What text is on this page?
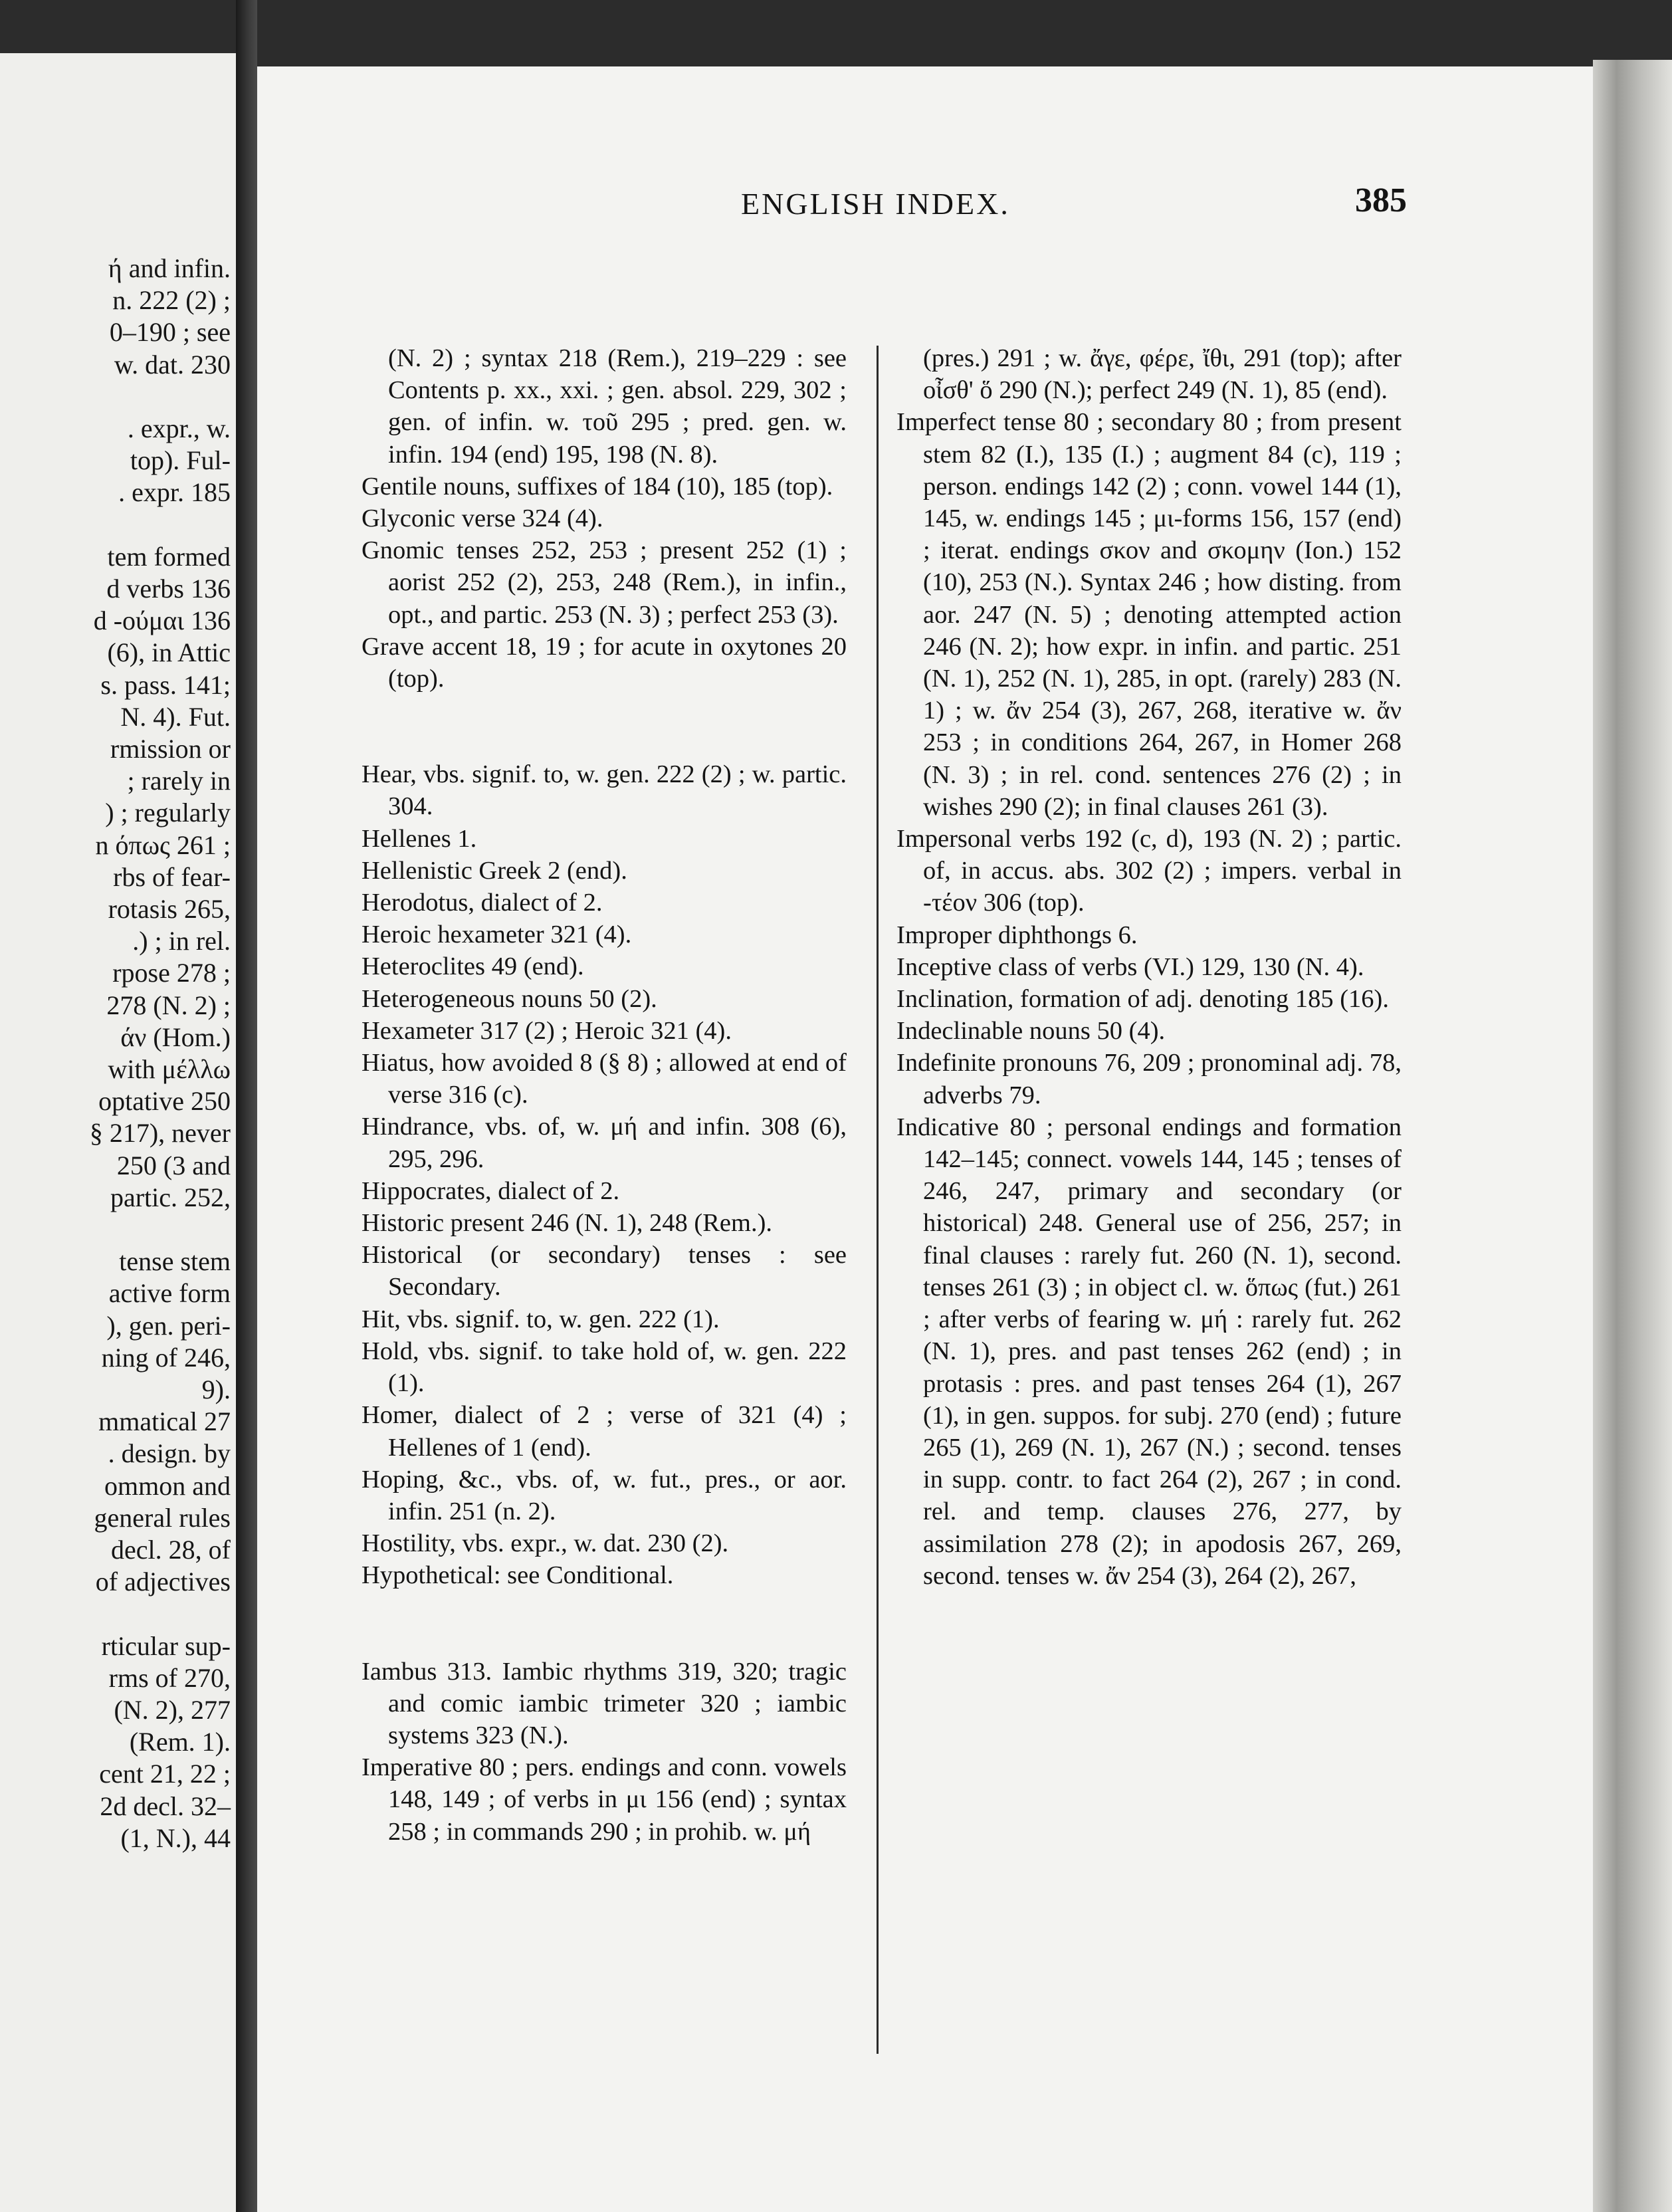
ή and infin.

n. 222 (2) ;

0–190 ; see

w. dat. 230

. expr., w.

top). Ful-

. expr. 185

tem formed

d verbs 136

d -ούμαι 136

(6), in Attic

s. pass. 141;

N. 4). Fut.

rmission or

; rarely in

) ; regularly

n όπως 261 ;

rbs of fear-

rotasis 265,

.) ; in rel.

rpose 278 ;

278 (N. 2) ;

άν (Hom.)

with μέλλω

optative 250

§ 217), never

250 (3 and

partic. 252,

tense stem

active form

), gen. peri-

ning of 246,

9).

mmatical 27

. design. by

ommon and

general rules

decl. 28, of

of adjectives

rticular sup-

rms of 270,

(N. 2), 277

(Rem. 1).

cent 21, 22 ;

2d decl. 32–

(1, N.), 44

ENGLISH INDEX.	385

(N. 2) ; syntax 218 (Rem.), 219–229 : see Contents p. xx., xxi. ; gen. absol. 229, 302 ; gen. of infin. w. τοῦ 295 ; pred. gen. w. infin. 194 (end) 195, 198 (N. 8).

Gentile nouns, suffixes of 184 (10), 185 (top).

Glyconic verse 324 (4).

Gnomic tenses 252, 253 ; present 252 (1) ; aorist 252 (2), 253, 248 (Rem.), in infin., opt., and partic. 253 (N. 3) ; perfect 253 (3).

Grave accent 18, 19 ; for acute in oxytones 20 (top).

Hear, vbs. signif. to, w. gen. 222 (2) ; w. partic. 304.

Hellenes 1.

Hellenistic Greek 2 (end).

Herodotus, dialect of 2.

Heroic hexameter 321 (4).

Heteroclites 49 (end).

Heterogeneous nouns 50 (2).

Hexameter 317 (2) ; Heroic 321 (4).

Hiatus, how avoided 8 (§ 8) ; allowed at end of verse 316 (c).

Hindrance, vbs. of, w. μή and infin. 308 (6), 295, 296.

Hippocrates, dialect of 2.

Historic present 246 (N. 1), 248 (Rem.).

Historical (or secondary) tenses : see Secondary.

Hit, vbs. signif. to, w. gen. 222 (1).

Hold, vbs. signif. to take hold of, w. gen. 222 (1).

Homer, dialect of 2 ; verse of 321 (4) ; Hellenes of 1 (end).

Hoping, &c., vbs. of, w. fut., pres., or aor. infin. 251 (n. 2).

Hostility, vbs. expr., w. dat. 230 (2).

Hypothetical: see Conditional.

Iambus 313. Iambic rhythms 319, 320; tragic and comic iambic trimeter 320 ; iambic systems 323 (N.).

Imperative 80 ; pers. endings and conn. vowels 148, 149 ; of verbs in μι 156 (end) ; syntax 258 ; in commands 290 ; in prohib. w. μή

(pres.) 291 ; w. ἄγε, φέρε, ἴθι, 291 (top); after οἶσθ' ὅ 290 (N.); perfect 249 (N. 1), 85 (end).

Imperfect tense 80 ; secondary 80 ; from present stem 82 (I.), 135 (I.) ; augment 84 (c), 119 ; person. endings 142 (2) ; conn. vowel 144 (1), 145, w. endings 145 ; μι-forms 156, 157 (end) ; iterat. endings σκον and σκομην (Ion.) 152 (10), 253 (N.). Syntax 246 ; how disting. from aor. 247 (N. 5) ; denoting attempted action 246 (N. 2); how expr. in infin. and partic. 251 (N. 1), 252 (N. 1), 285, in opt. (rarely) 283 (N. 1) ; w. ἄν 254 (3), 267, 268, iterative w. ἄν 253 ; in conditions 264, 267, in Homer 268 (N. 3) ; in rel. cond. sentences 276 (2) ; in wishes 290 (2); in final clauses 261 (3).

Impersonal verbs 192 (c, d), 193 (N. 2) ; partic. of, in accus. abs. 302 (2) ; impers. verbal in -τέον 306 (top).

Improper diphthongs 6.

Inceptive class of verbs (VI.) 129, 130 (N. 4).

Inclination, formation of adj. denoting 185 (16).

Indeclinable nouns 50 (4).

Indefinite pronouns 76, 209 ; pronominal adj. 78, adverbs 79.

Indicative 80 ; personal endings and formation 142–145; connect. vowels 144, 145 ; tenses of 246, 247, primary and secondary (or historical) 248. General use of 256, 257; in final clauses : rarely fut. 260 (N. 1), second. tenses 261 (3) ; in object cl. w. ὅπως (fut.) 261 ; after verbs of fearing w. μή : rarely fut. 262 (N. 1), pres. and past tenses 262 (end) ; in protasis : pres. and past tenses 264 (1), 267 (1), in gen. suppos. for subj. 270 (end) ; future 265 (1), 269 (N. 1), 267 (N.) ; second. tenses in supp. contr. to fact 264 (2), 267 ; in cond. rel. and temp. clauses 276, 277, by assimilation 278 (2); in apodosis 267, 269, second. tenses w. ἄν 254 (3), 264 (2), 267,
